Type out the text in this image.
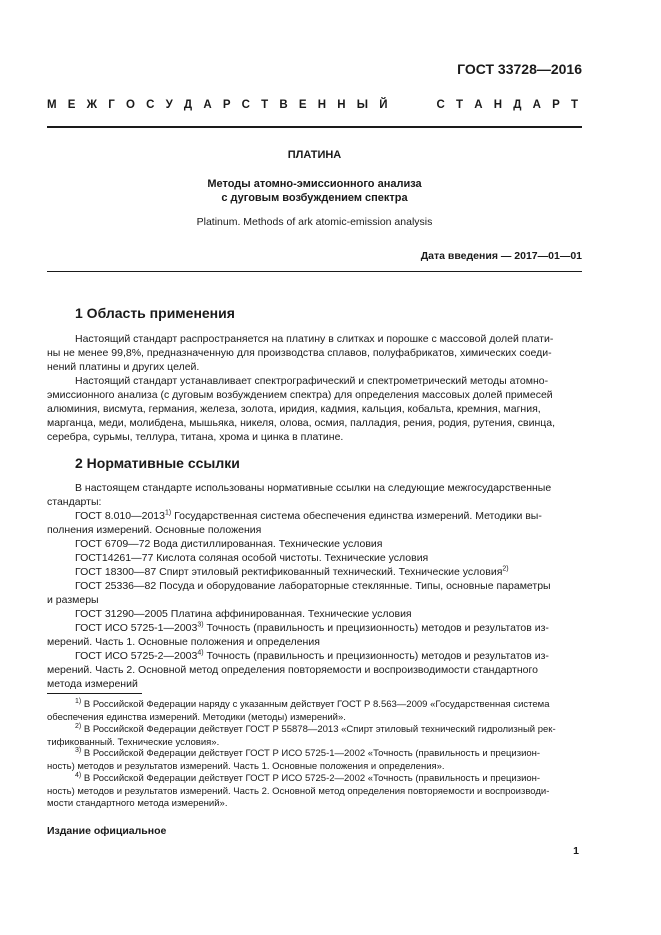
ГОСТ 33728—2016
М Е Ж Г О С У Д А Р С Т В Е Н Н Ы Й	С Т А Н Д А Р Т
ПЛАТИНА
Методы атомно-эмиссионного анализа
с дуговым возбуждением спектра
Platinum. Methods of ark atomic-emission analysis
Дата введения — 2017—01—01
1 Область применения
Настоящий стандарт распространяется на платину в слитках и порошке с массовой долей плати-
ны не менее 99,8%, предназначенную для производства сплавов, полуфабрикатов, химических соеди-
нений платины и других целей.
Настоящий стандарт устанавливает спектрографический и спектрометрический методы атомно-
эмиссионного анализа (с дуговым возбуждением спектра) для определения массовых долей примесей
алюминия, висмута, германия, железа, золота, иридия, кадмия, кальция, кобальта, кремния, магния,
марганца, меди, молибдена, мышьяка, никеля, олова, осмия, палладия, рения, родия, рутения, свинца,
серебра, сурьмы, теллура, титана, хрома и цинка в платине.
2 Нормативные ссылки
В настоящем стандарте использованы нормативные ссылки на следующие межгосударственные
стандарты:
ГОСТ 8.010—2013$^{1)}$ Государственная система обеспечения единства измерений. Методики вы-
полнения измерений. Основные положения
ГОСТ 6709—72 Вода дистиллированная. Технические условия
ГОСТ14261—77 Кислота соляная особой чистоты. Технические условия
ГОСТ 18300—87 Спирт этиловый ректификованный технический. Технические условия$^{2)}$
ГОСТ 25336—82 Посуда и оборудование лабораторные стеклянные. Типы, основные параметры
и размеры
ГОСТ 31290—2005 Платина аффинированная. Технические условия
ГОСТ ИСО 5725-1—2003$^{3)}$ Точность (правильность и прецизионность) методов и результатов из-
мерений. Часть 1. Основные положения и определения
ГОСТ ИСО 5725-2—2003$^{4)}$ Точность (правильность и прецизионность) методов и результатов из-
мерений. Часть 2. Основной метод определения повторяемости и воспроизводимости стандартного
метода измерений
$^{1)}$ В Российской Федерации наряду с указанным действует ГОСТ Р 8.563—2009 «Государственная система
обеспечения единства измерений. Методики (методы) измерений».
$^{2)}$ В Российской Федерации действует ГОСТ Р 55878—2013 «Спирт этиловый технический гидролизный рек-
тификованный. Технические условия».
$^{3)}$ В Российской Федерации действует ГОСТ Р ИСО 5725-1—2002 «Точность (правильность и прецизион-
ность) методов и результатов измерений. Часть 1. Основные положения и определения».
$^{4)}$ В Российской Федерации действует ГОСТ Р ИСО 5725-2—2002 «Точность (правильность и прецизион-
ность) методов и результатов измерений. Часть 2. Основной метод определения повторяемости и воспроизводи-
мости стандартного метода измерений».
Издание официальное
1
